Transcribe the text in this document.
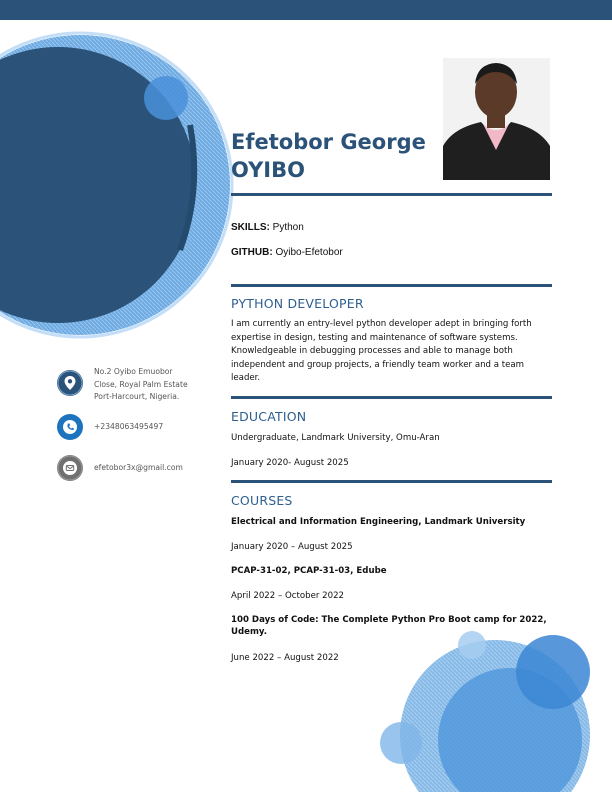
Efetobor George
OYIBO
SKILLS: Python
GITHUB: Oyibo-Efetobor
PYTHON DEVELOPER
I am currently an entry-level python developer adept in bringing forth expertise in design, testing and maintenance of software systems. Knowledgeable in debugging processes and able to manage both independent and group projects, a friendly team worker and a team leader.
EDUCATION
Undergraduate, Landmark University, Omu-Aran
January 2020- August 2025
COURSES
Electrical and Information Engineering, Landmark University
January 2020 – August 2025
PCAP-31-02, PCAP-31-03, Edube
April 2022 – October 2022
100 Days of Code: The Complete Python Pro Boot camp for 2022, Udemy.
June 2022 – August 2022
No.2 Oyibo Emuobor
Close, Royal Palm Estate
Port-Harcourt, Nigeria.
+2348063495497
efetobor3x@gmail.com
